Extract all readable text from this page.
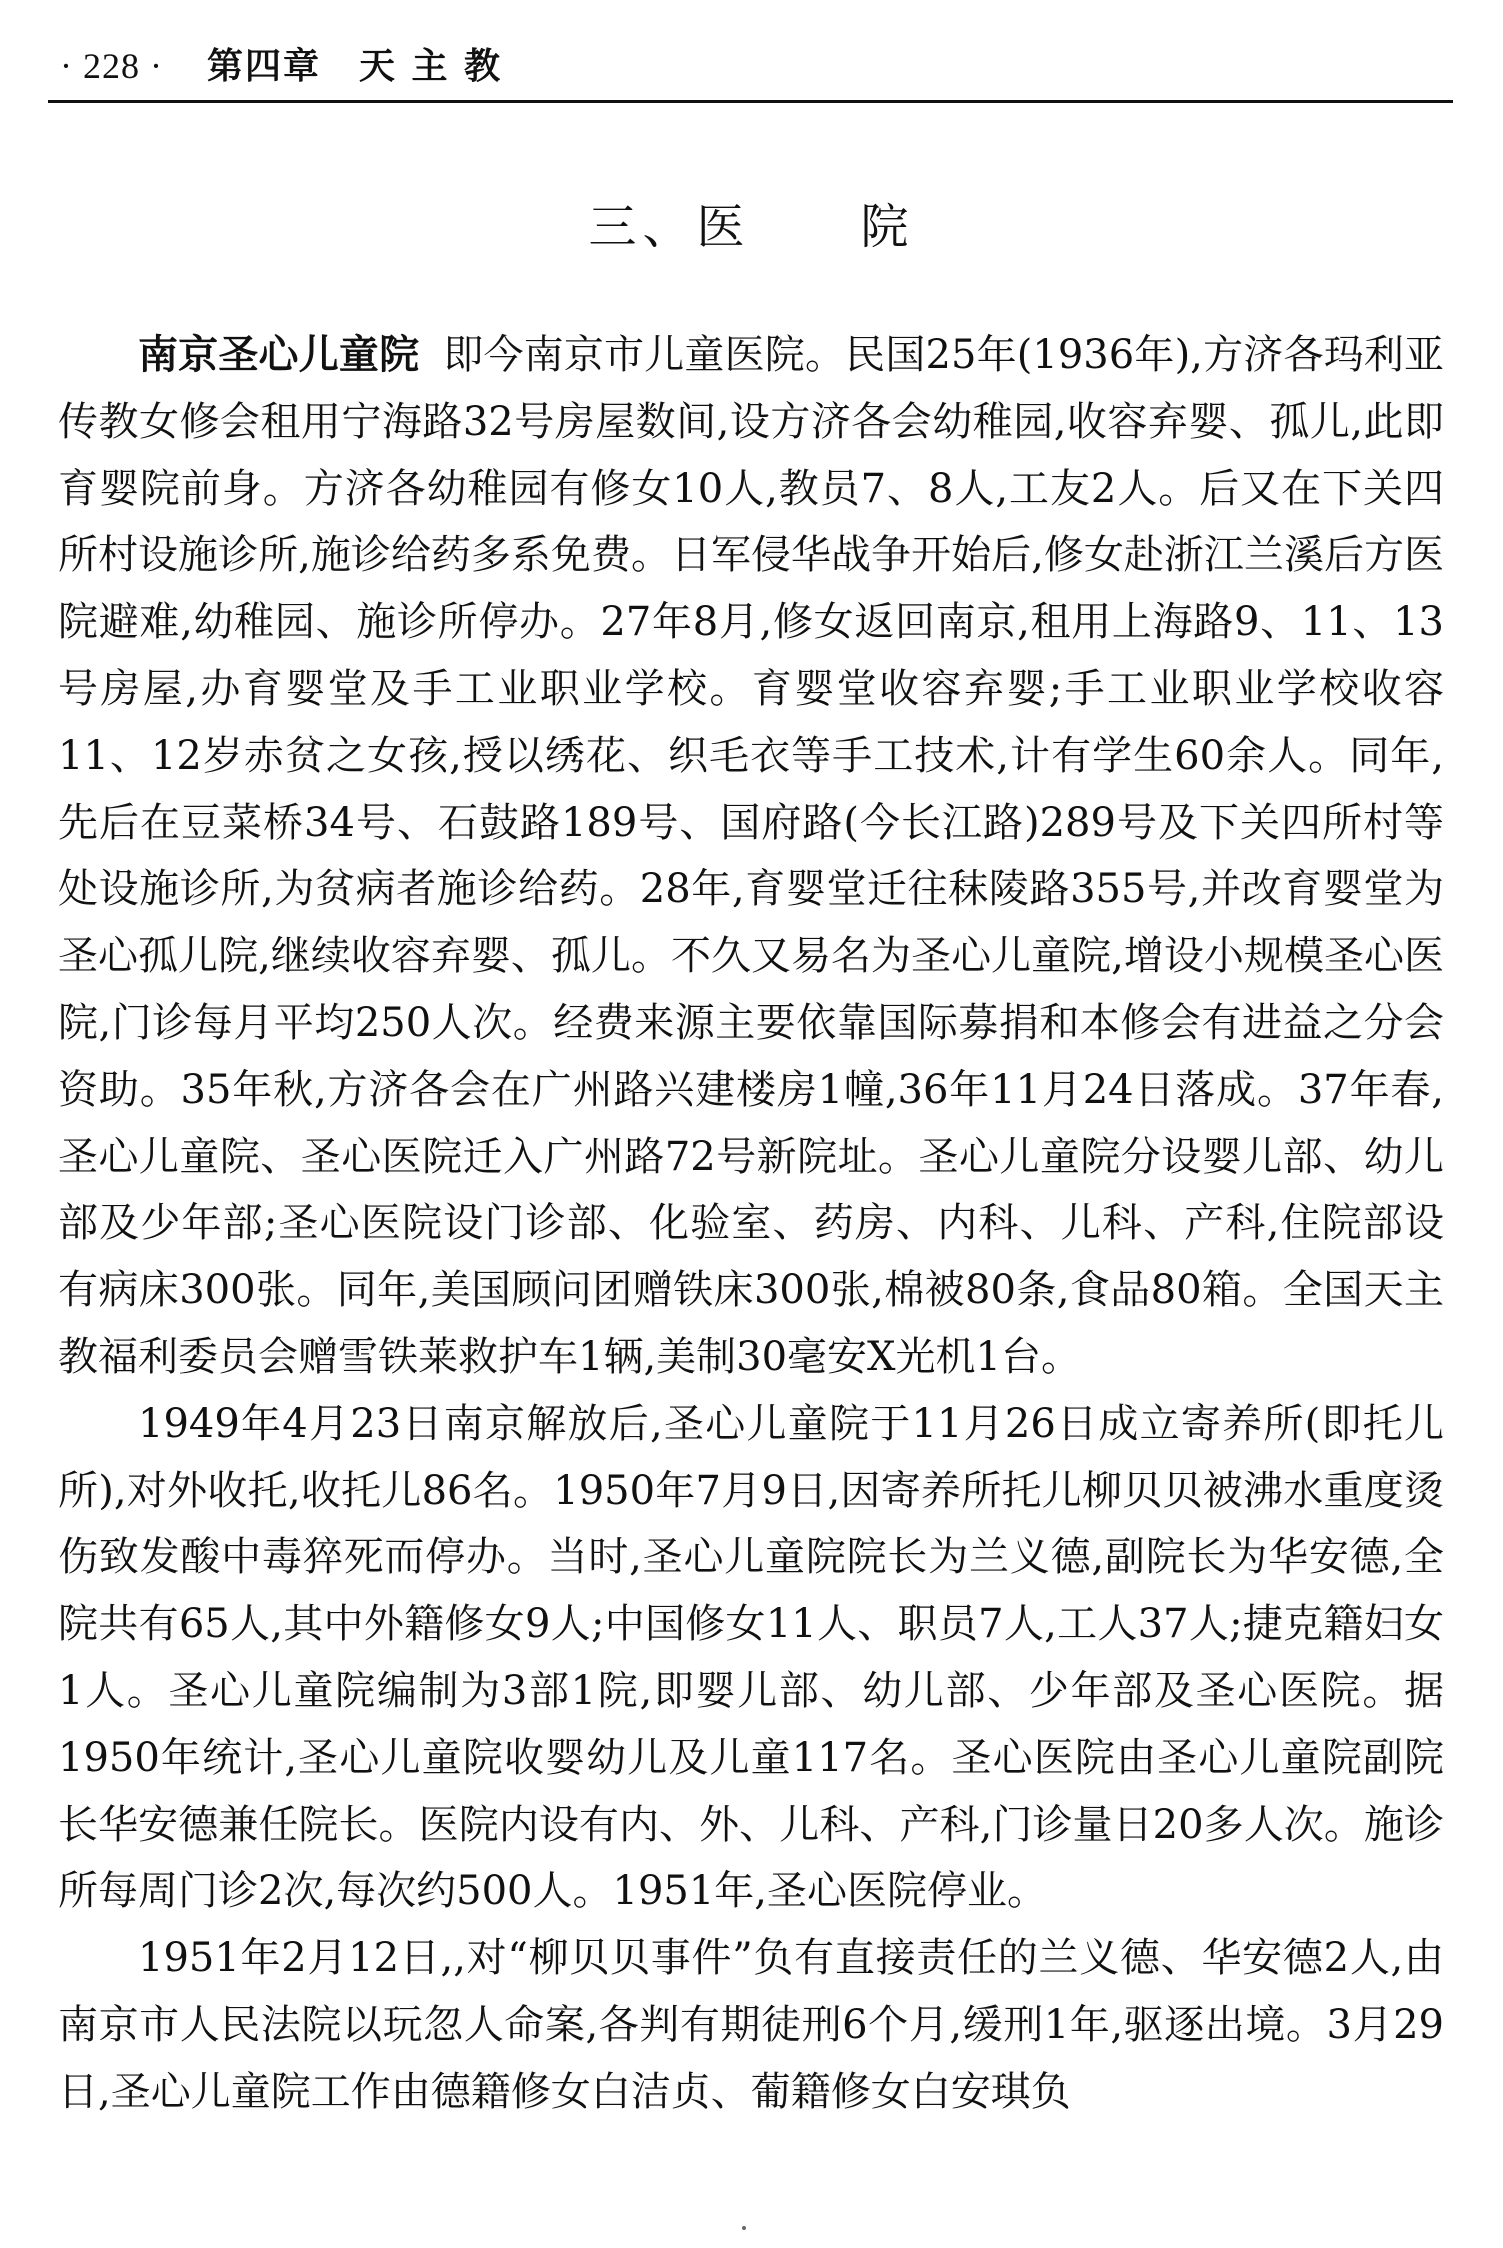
· 228 · 第四章　天 主 教
三、医 院

南京圣心儿童院 即今南京市儿童医院。民国25年(1936年),方济各玛利亚传教女修会租用宁海路32号房屋数间,设方济各会幼稚园,收容弃婴、孤儿,此即育婴院前身。方济各幼稚园有修女10人,教员7、8人,工友2人。后又在下关四所村设施诊所,施诊给药多系免费。日军侵华战争开始后,修女赴浙江兰溪后方医院避难,幼稚园、施诊所停办。27年8月,修女返回南京,租用上海路9、11、13号房屋,办育婴堂及手工业职业学校。育婴堂收容弃婴;手工业职业学校收容11、12岁赤贫之女孩,授以绣花、织毛衣等手工技术,计有学生60余人。同年,先后在豆菜桥34号、石鼓路189号、国府路(今长江路)289号及下关四所村等处设施诊所,为贫病者施诊给药。28年,育婴堂迁往秣陵路355号,并改育婴堂为圣心孤儿院,继续收容弃婴、孤儿。不久又易名为圣心儿童院,增设小规模圣心医院,门诊每月平均250人次。经费来源主要依靠国际募捐和本修会有进益之分会资助。35年秋,方济各会在广州路兴建楼房1幢,36年11月24日落成。37年春,圣心儿童院、圣心医院迁入广州路72号新院址。圣心儿童院分设婴儿部、幼儿部及少年部;圣心医院设门诊部、化验室、药房、内科、儿科、产科,住院部设有病床300张。同年,美国顾问团赠铁床300张,棉被80条,食品80箱。全国天主教福利委员会赠雪铁莱救护车1辆,美制30毫安X光机1台。

1949年4月23日南京解放后,圣心儿童院于11月26日成立寄养所(即托儿所),对外收托,收托儿86名。1950年7月9日,因寄养所托儿柳贝贝被沸水重度烫伤致发酸中毒猝死而停办。当时,圣心儿童院院长为兰义德,副院长为华安德,全院共有65人,其中外籍修女9人;中国修女11人、职员7人,工人37人;捷克籍妇女1人。圣心儿童院编制为3部1院,即婴儿部、幼儿部、少年部及圣心医院。据1950年统计,圣心儿童院收婴幼儿及儿童117名。圣心医院由圣心儿童院副院长华安德兼任院长。医院内设有内、外、儿科、产科,门诊量日20多人次。施诊所每周门诊2次,每次约500人。1951年,圣心医院停业。

1951年2月12日,,对“柳贝贝事件”负有直接责任的兰义德、华安德2人,由南京市人民法院以玩忽人命案,各判有期徒刑6个月,缓刑1年,驱逐出境。3月29日,圣心儿童院工作由德籍修女白洁贞、葡籍修女白安琪负
